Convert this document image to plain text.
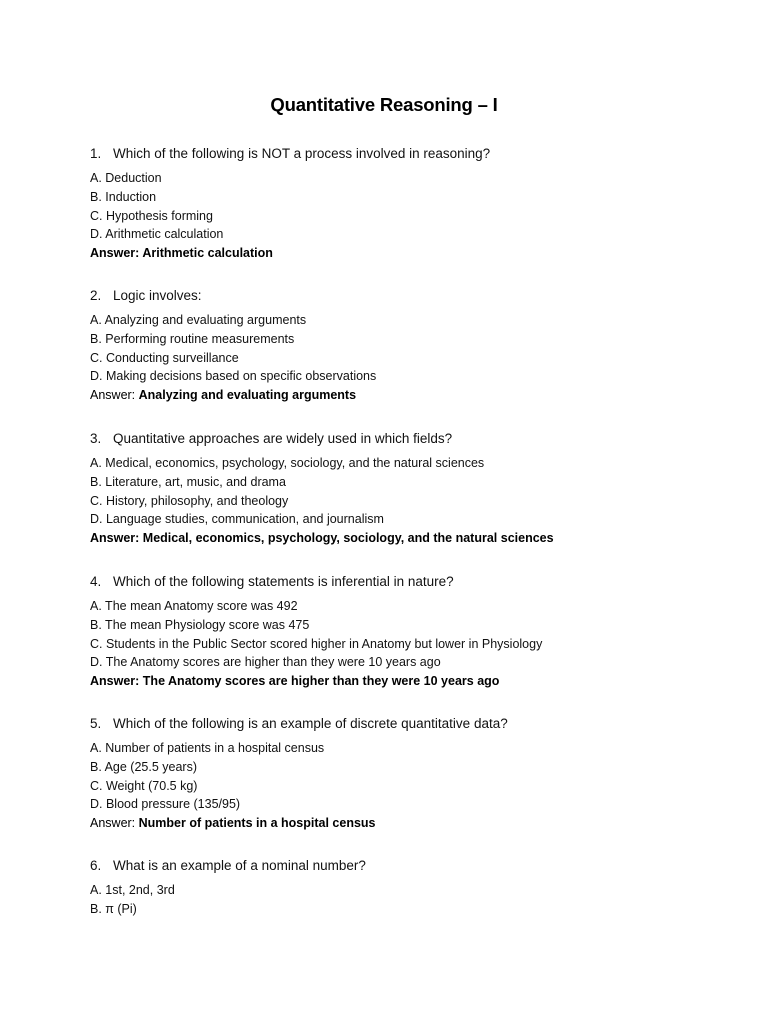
Quantitative Reasoning – I
1. Which of the following is NOT a process involved in reasoning?
A. Deduction
B. Induction
C. Hypothesis forming
D. Arithmetic calculation
Answer: Arithmetic calculation
2. Logic involves:
A. Analyzing and evaluating arguments
B. Performing routine measurements
C. Conducting surveillance
D. Making decisions based on specific observations
Answer: Analyzing and evaluating arguments
3. Quantitative approaches are widely used in which fields?
A. Medical, economics, psychology, sociology, and the natural sciences
B. Literature, art, music, and drama
C. History, philosophy, and theology
D. Language studies, communication, and journalism
Answer: Medical, economics, psychology, sociology, and the natural sciences
4. Which of the following statements is inferential in nature?
A. The mean Anatomy score was 492
B. The mean Physiology score was 475
C. Students in the Public Sector scored higher in Anatomy but lower in Physiology
D. The Anatomy scores are higher than they were 10 years ago
Answer: The Anatomy scores are higher than they were 10 years ago
5. Which of the following is an example of discrete quantitative data?
A. Number of patients in a hospital census
B. Age (25.5 years)
C. Weight (70.5 kg)
D. Blood pressure (135/95)
Answer: Number of patients in a hospital census
6. What is an example of a nominal number?
A. 1st, 2nd, 3rd
B. π (Pi)
